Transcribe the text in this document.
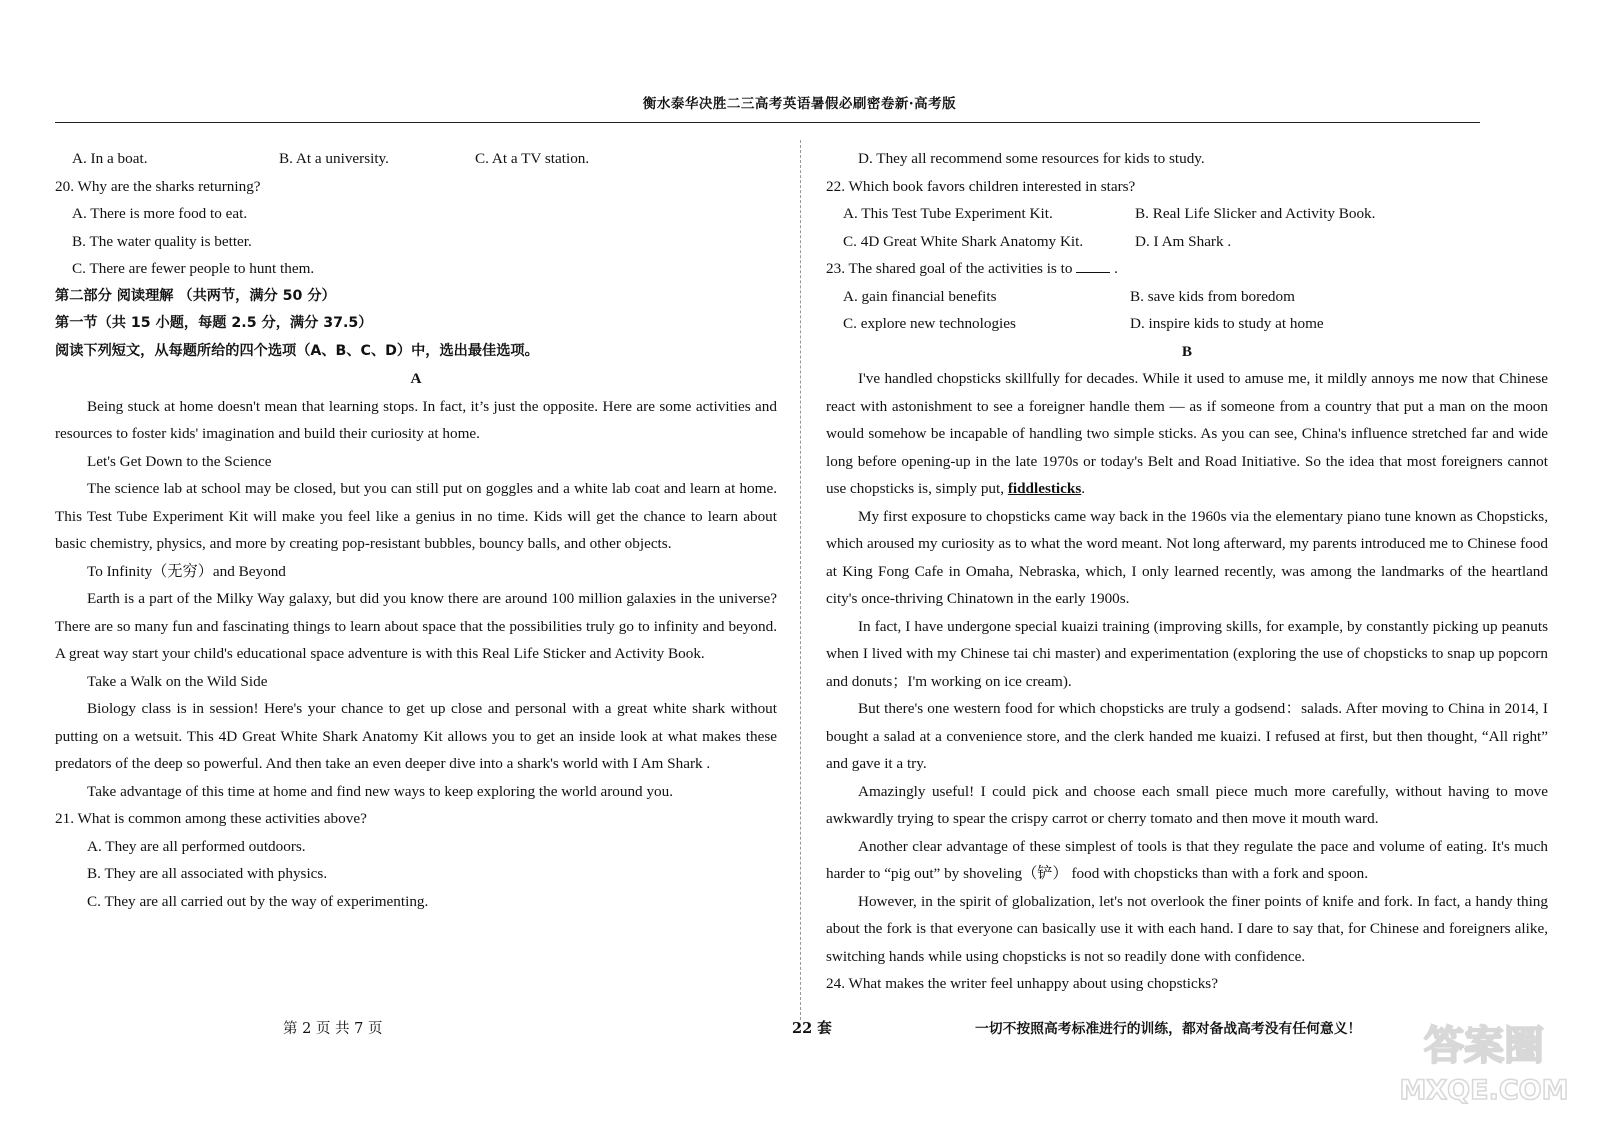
衡水泰华决胜二三高考英语暑假必刷密卷新·高考版
A. In a boat.	B. At a university.	C. At a TV station.
20. Why are the sharks returning?
A. There is more food to eat.
B. The water quality is better.
C. There are fewer people to hunt them.
第二部分 阅读理解 （共两节，满分 50 分）
第一节（共 15 小题，每题 2.5 分，满分 37.5）
阅读下列短文，从每题所给的四个选项（A、B、C、D）中，选出最佳选项。
A
Being stuck at home doesn't mean that learning stops. In fact, it’s just the opposite. Here are some activities and resources to foster kids' imagination and build their curiosity at home.
Let's Get Down to the Science
The science lab at school may be closed, but you can still put on goggles and a white lab coat and learn at home. This Test Tube Experiment Kit will make you feel like a genius in no time. Kids will get the chance to learn about basic chemistry, physics, and more by creating pop-resistant bubbles, bouncy balls, and other objects.
To Infinity（无穷）and Beyond
Earth is a part of the Milky Way galaxy, but did you know there are around 100 million galaxies in the universe? There are so many fun and fascinating things to learn about space that the possibilities truly go to infinity and beyond. A great way start your child's educational space adventure is with this Real Life Sticker and Activity Book.
Take a Walk on the Wild Side
Biology class is in session! Here's your chance to get up close and personal with a great white shark without putting on a wetsuit. This 4D Great White Shark Anatomy Kit allows you to get an inside look at what makes these predators of the deep so powerful. And then take an even deeper dive into a shark's world with I Am Shark .
Take advantage of this time at home and find new ways to keep exploring the world around you.
21. What is common among these activities above?
A. They are all performed outdoors.
B. They are all associated with physics.
C. They are all carried out by the way of experimenting.
D. They all recommend some resources for kids to study.
22. Which book favors children interested in stars?
A. This Test Tube Experiment Kit.	B. Real Life Slicker and Activity Book.
C. 4D Great White Shark Anatomy Kit.	D. I Am Shark .
23. The shared goal of the activities is to	.
A. gain financial benefits	B. save kids from boredom
C. explore new technologies	D. inspire kids to study at home
B
I've handled chopsticks skillfully for decades. While it used to amuse me, it mildly annoys me now that Chinese react with astonishment to see a foreigner handle them — as if someone from a country that put a man on the moon would somehow be incapable of handling two simple sticks. As you can see, China's influence stretched far and wide long before opening-up in the late 1970s or today's Belt and Road Initiative. So the idea that most foreigners cannot use chopsticks is, simply put, fiddlesticks.
My first exposure to chopsticks came way back in the 1960s via the elementary piano tune known as Chopsticks, which aroused my curiosity as to what the word meant. Not long afterward, my parents introduced me to Chinese food at King Fong Cafe in Omaha, Nebraska, which, I only learned recently, was among the landmarks of the heartland city's once-thriving Chinatown in the early 1900s.
In fact, I have undergone special kuaizi training (improving skills, for example, by constantly picking up peanuts when I lived with my Chinese tai chi master) and experimentation (exploring the use of chopsticks to snap up popcorn and donuts；I'm working on ice cream).
But there's one western food for which chopsticks are truly a godsend：salads. After moving to China in 2014, I bought a salad at a convenience store, and the clerk handed me kuaizi. I refused at first, but then thought, “All right” and gave it a try.
Amazingly useful! I could pick and choose each small piece much more carefully, without having to move awkwardly trying to spear the crispy carrot or cherry tomato and then move it mouth ward.
Another clear advantage of these simplest of tools is that they regulate the pace and volume of eating. It's much harder to “pig out” by shoveling（铲） food with chopsticks than with a fork and spoon.
However, in the spirit of globalization, let's not overlook the finer points of knife and fork. In fact, a handy thing about the fork is that everyone can basically use it with each hand. I dare to say that, for Chinese and foreigners alike, switching hands while using chopsticks is not so readily done with confidence.
24. What makes the writer feel unhappy about using chopsticks?
第 2 页 共 7 页	22 套	一切不按照高考标准进行的训练，都对备战高考没有任何意义！ 答案圈
MXQE.COM
